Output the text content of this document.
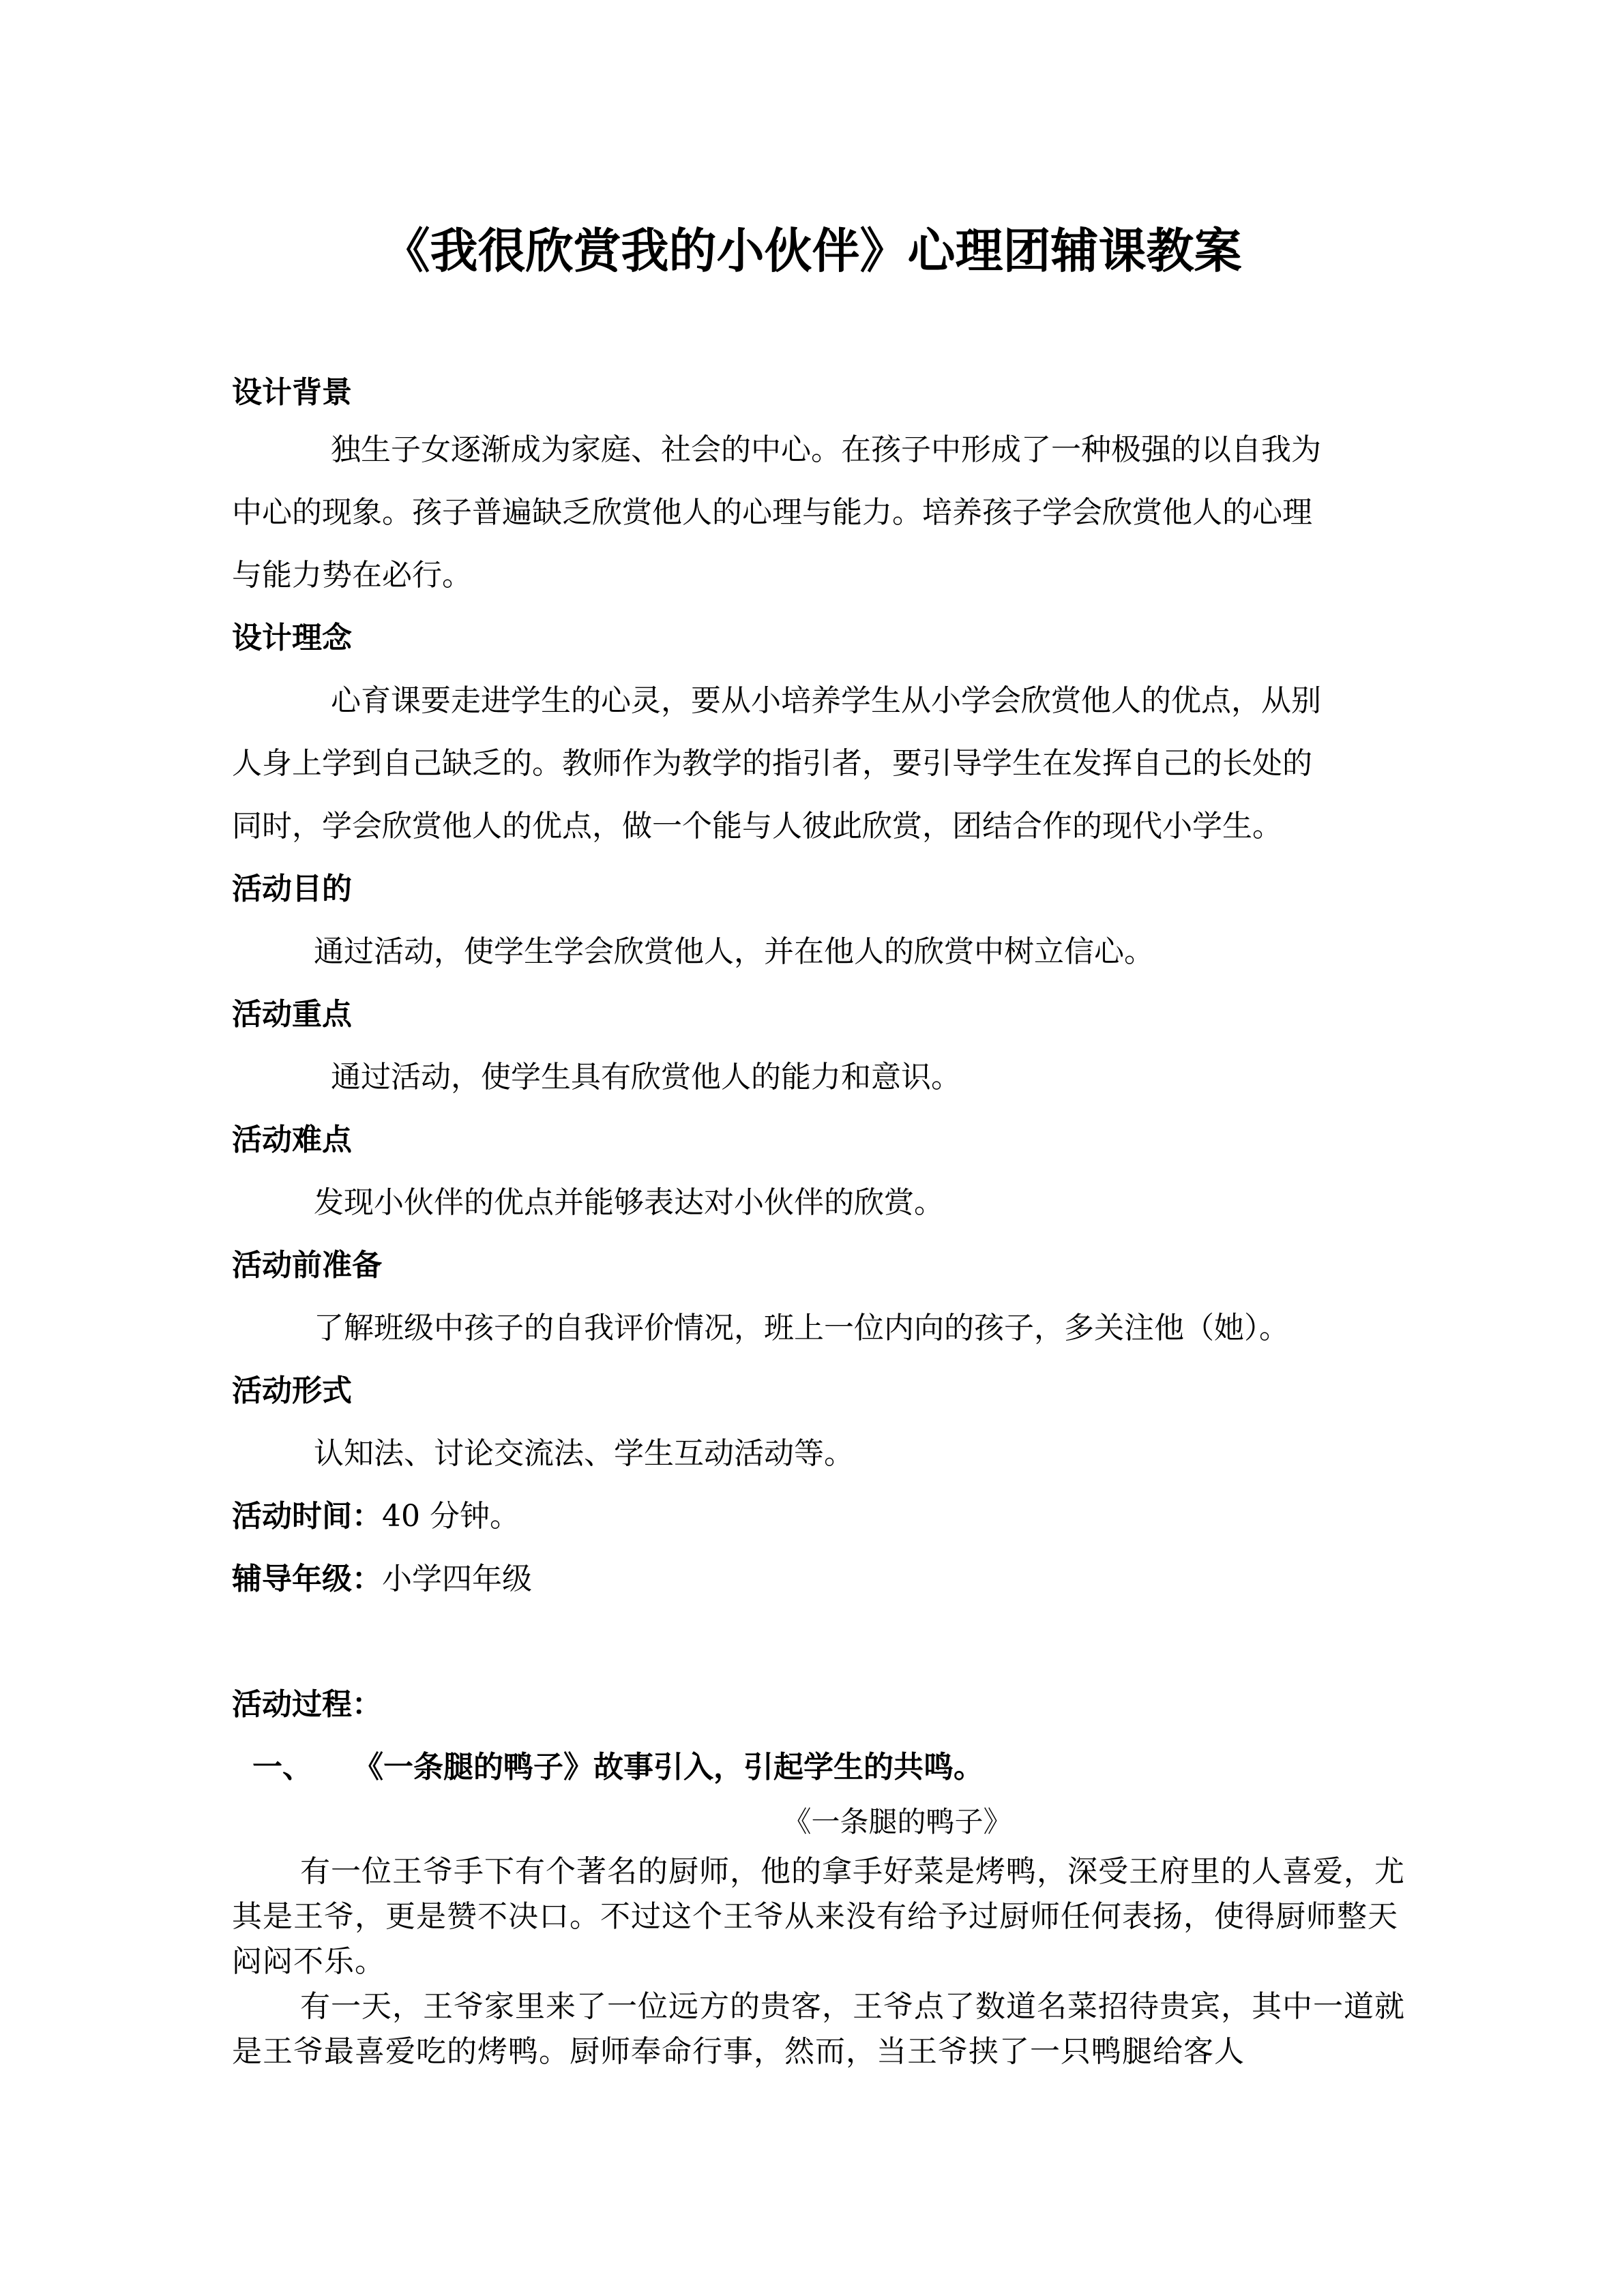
《我很欣赏我的小伙伴》心理团辅课教案
设计背景
独生子女逐渐成为家庭、社会的中心。在孩子中形成了一种极强的以自我为
中心的现象。孩子普遍缺乏欣赏他人的心理与能力。培养孩子学会欣赏他人的心理
与能力势在必行。
设计理念
心育课要走进学生的心灵，要从小培养学生从小学会欣赏他人的优点，从别
人身上学到自己缺乏的。教师作为教学的指引者，要引导学生在发挥自己的长处的
同时，学会欣赏他人的优点，做一个能与人彼此欣赏，团结合作的现代小学生。
活动目的
通过活动，使学生学会欣赏他人，并在他人的欣赏中树立信心。
活动重点
通过活动，使学生具有欣赏他人的能力和意识。
活动难点
发现小伙伴的优点并能够表达对小伙伴的欣赏。
活动前准备
了解班级中孩子的自我评价情况，班上一位内向的孩子，多关注他（她）。
活动形式
认知法、讨论交流法、学生互动活动等。
活动时间：40 分钟。
辅导年级：小学四年级
活动过程：
一、 《一条腿的鸭子》故事引入，引起学生的共鸣。
《一条腿的鸭子》
有一位王爷手下有个著名的厨师，他的拿手好菜是烤鸭，深受王府里的人喜爱，尤其是王爷，更是赞不决口。不过这个王爷从来没有给予过厨师任何表扬，使得厨师整天闷闷不乐。
有一天，王爷家里来了一位远方的贵客，王爷点了数道名菜招待贵宾，其中一道就是王爷最喜爱吃的烤鸭。厨师奉命行事，然而，当王爷挟了一只鸭腿给客人
